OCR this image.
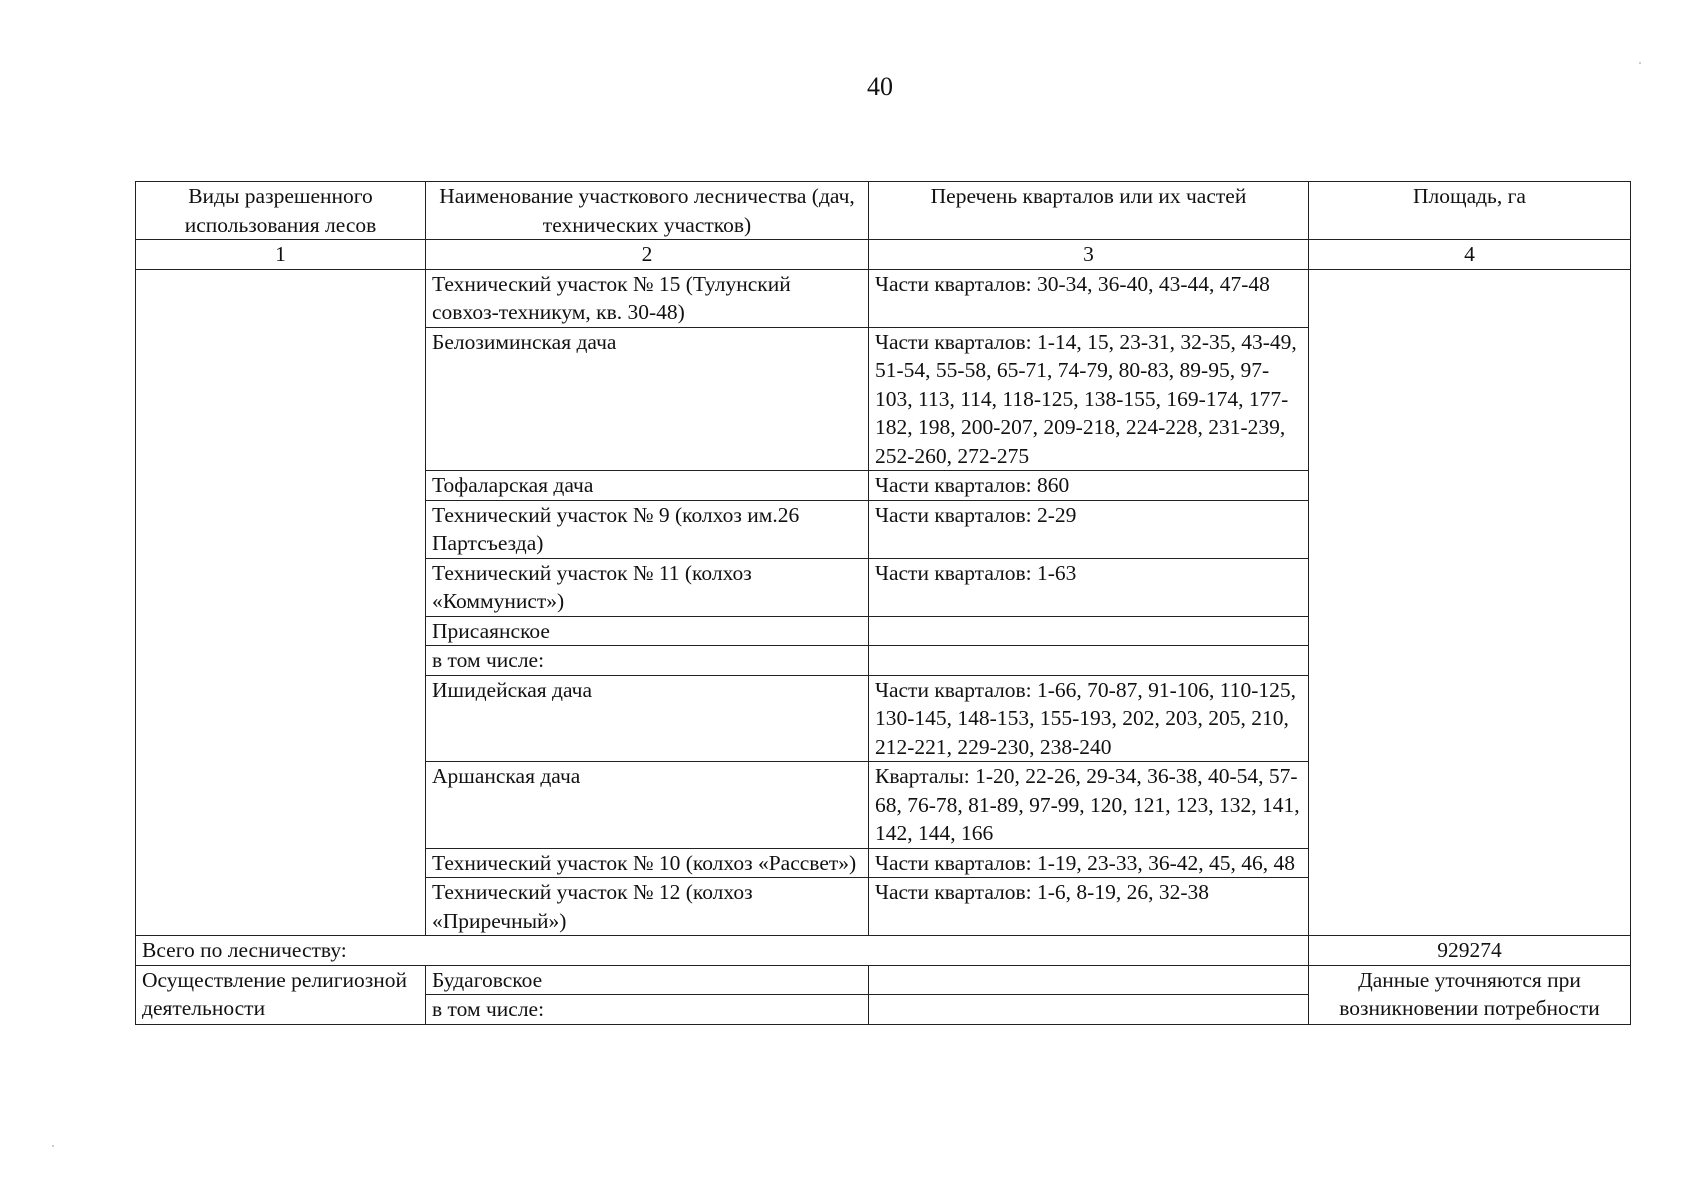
40
Виды разрешенного использования лесов	Наименование участкового лесничества (дач, технических участков)	Перечень кварталов или их частей	Площадь, га
1	2	3	4
	Технический участок № 15 (Тулунский совхоз-техникум, кв. 30-48)	Части кварталов: 30-34, 36-40, 43-44, 47-48	
	Белозиминская дача	Части кварталов: 1-14, 15, 23-31, 32-35, 43-49, 51-54, 55-58, 65-71, 74-79, 80-83, 89-95, 97-103, 113, 114, 118-125, 138-155, 169-174, 177-182, 198, 200-207, 209-218, 224-228, 231-239, 252-260, 272-275	
	Тофаларская дача	Части кварталов: 860	
	Технический участок № 9 (колхоз им.26 Партсъезда)	Части кварталов: 2-29	
	Технический участок № 11 (колхоз «Коммунист»)	Части кварталов: 1-63	
	Присаянское		
	в том числе:		
	Ишидейская дача	Части кварталов: 1-66, 70-87, 91-106, 110-125, 130-145, 148-153, 155-193, 202, 203, 205, 210, 212-221, 229-230, 238-240	
	Аршанская дача	Кварталы: 1-20, 22-26, 29-34, 36-38, 40-54, 57-68, 76-78, 81-89, 97-99, 120, 121, 123, 132, 141, 142, 144, 166	
	Технический участок № 10 (колхоз «Рассвет»)	Части кварталов: 1-19, 23-33, 36-42, 45, 46, 48	
	Технический участок № 12 (колхоз «Приречный»)	Части кварталов: 1-6, 8-19, 26, 32-38	
Всего по лесничеству:			929274
Осуществление религиозной деятельности	Будаговское		Данные уточняются при возникновении потребности
	в том числе:		
